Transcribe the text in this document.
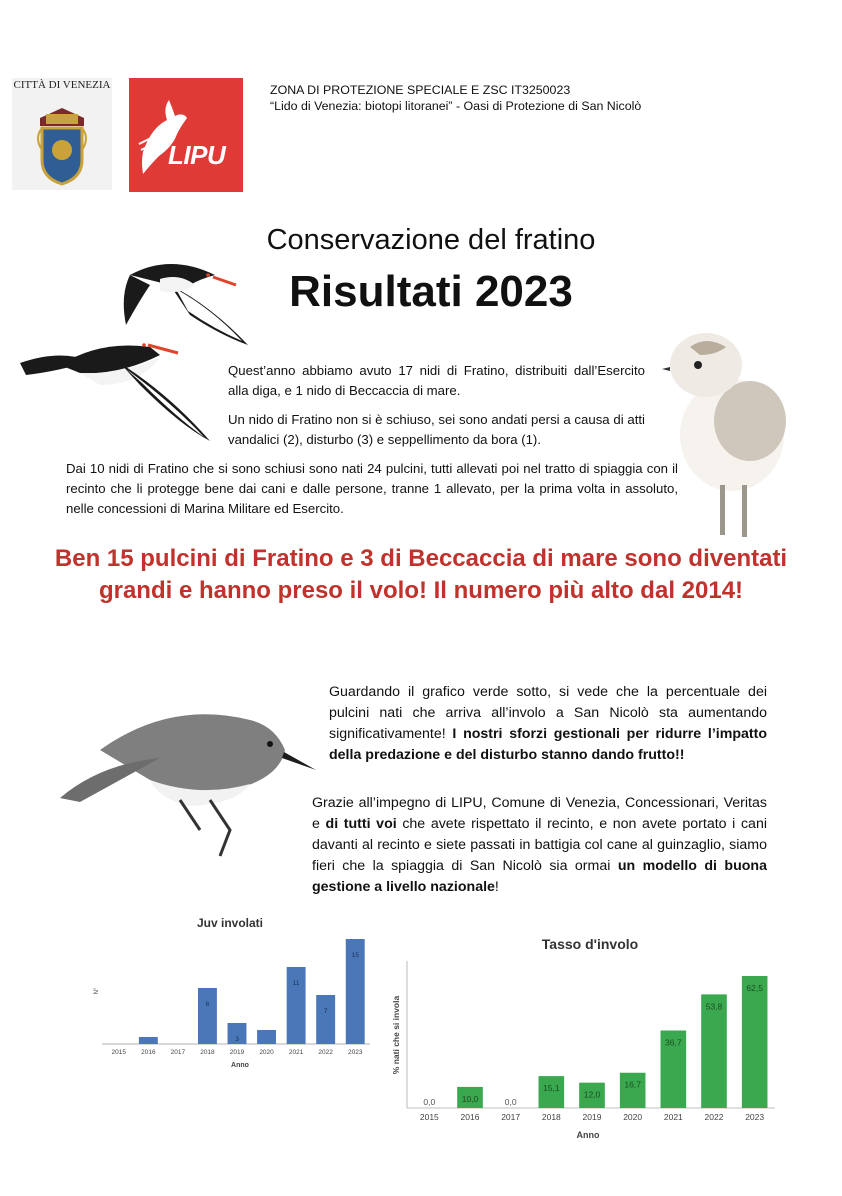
CITTÀ DI VENEZIA
LIPU
ZONA DI PROTEZIONE SPECIALE E ZSC IT3250023
“Lido di Venezia: biotopi litoranei” - Oasi di Protezione di San Nicolò
Conservazione del fratino
Risultati 2023
Quest’anno abbiamo avuto 17 nidi di Fratino, distribuiti dall’Esercito alla diga, e 1 nido di Beccaccia di mare.
Un nido di Fratino non si è schiuso, sei sono andati persi a causa di atti vandalici (2), disturbo (3) e seppellimento da bora (1).
Dai 10 nidi di Fratino che si sono schiusi sono nati 24 pulcini, tutti allevati poi nel tratto di spiaggia con il recinto che li protegge bene dai cani e dalle persone, tranne 1 allevato, per la prima volta in assoluto, nelle concessioni di Marina Militare ed Esercito.
Ben 15 pulcini di Fratino e 3 di Beccaccia di mare sono diventati grandi e hanno preso il volo! Il numero più alto dal 2014!
Guardando il grafico verde sotto, si vede che la percentuale dei pulcini nati che arriva all’involo a San Nicolò sta aumentando significativamente! I nostri sforzi gestionali per ridurre l’impatto della predazione e del disturbo stanno dando frutto!!
Grazie all’impegno di LIPU, Comune di Venezia, Concessionari, Veritas e di tutti voi che avete rispettato il recinto, e non avete portato i cani davanti al recinto e siete passati in battigia col cane al guinzaglio, siamo fieri che la spiaggia di San Nicolò sia ormai un modello di buona gestione a livello nazionale!
Juv involati
N°
Anno
2015 2016 2017 2018
8
2019
3
2020 2021
11
2022
7
2023
15
Tasso d'involo
% nati che si invola
Anno
2015
0,0
2016
10,0
2017
0,0
2018
15,1
2019
12,0
2020
16,7
2021
36,7
2022
53,8
2023
62,5
